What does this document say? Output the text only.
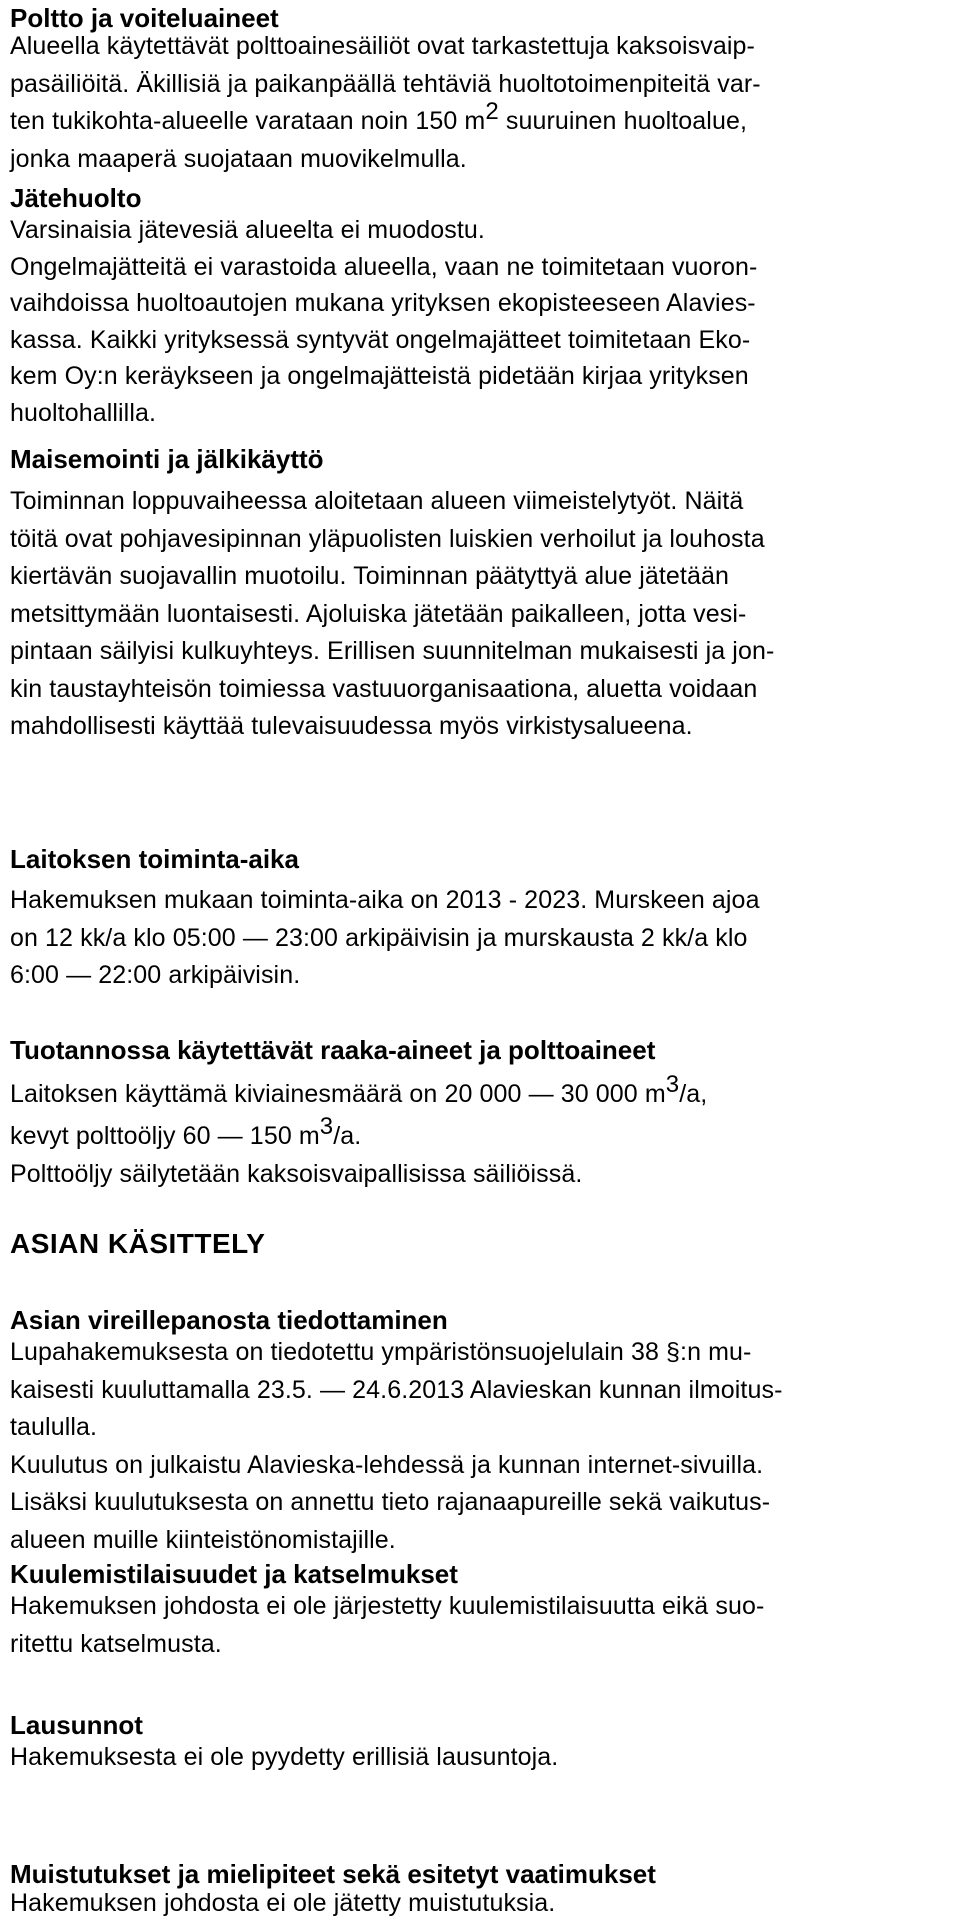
Poltto ja voiteluaineet
Alueella käytettävät polttoainesäiliöt ovat tarkastettuja kaksoisvaip-
pasäiliöitä. Äkillisiä ja paikanpäällä tehtäviä huoltotoimenpiteitä var-
ten tukikohta-alueelle varataan noin 150 $m^2$ suuruinen huoltoalue,
jonka maaperä suojataan muovikelmulla.
Jätehuolto
Varsinaisia jätevesiä alueelta ei muodostu.
Ongelmajätteitä ei varastoida alueella, vaan ne toimitetaan vuoron-
vaihdoissa huoltoautojen mukana yrityksen ekopisteeseen Alavies-
kassa. Kaikki yrityksessä syntyvät ongelmajätteet toimitetaan Eko-
kem Oy:n keräykseen ja ongelmajätteistä pidetään kirjaa yrityksen
huoltohallilla.
Maisemointi ja jälkikäyttö
Toiminnan loppuvaiheessa aloitetaan alueen viimeistelytyöt. Näitä
töitä ovat pohjavesipinnan yläpuolisten luiskien verhoilut ja louhosta
kiertävän suojavallin muotoilu. Toiminnan päätyttyä alue jätetään
metsittymään luontaisesti. Ajoluiska jätetään paikalleen, jotta vesi-
pintaan säilyisi kulkuyhteys. Erillisen suunnitelman mukaisesti ja jon-
kin taustayhteisön toimiessa vastuuorganisaationa, aluetta voidaan
mahdollisesti käyttää tulevaisuudessa myös virkistysalueena.
Laitoksen toiminta-aika
Hakemuksen mukaan toiminta-aika on 2013 - 2023. Murskeen ajoa
on 12 kk/a klo 05:00 — 23:00 arkipäivisin ja murskausta 2 kk/a klo
6:00 — 22:00 arkipäivisin.
Tuotannossa käytettävät raaka-aineet ja polttoaineet
Laitoksen käyttämä kiviainesmäärä on 20 000 — 30 000 $m^3/a$,
kevyt polttoöljy 60 — 150 $m^3/a$.
Polttoöljy säilytetään kaksoisvaipallisissa säiliöissä.
ASIAN KÄSITTELY
Asian vireillepanosta tiedottaminen
Lupahakemuksesta on tiedotettu ympäristönsuojelulain 38 §:n mu-
kaisesti kuuluttamalla 23.5. — 24.6.2013 Alavieskan kunnan ilmoitus-
taululla.
Kuulutus on julkaistu Alavieska-lehdessä ja kunnan internet-sivuilla.
Lisäksi kuulutuksesta on annettu tieto rajanaapureille sekä vaikutus-
alueen muille kiinteistönomistajille.
Kuulemistilaisuudet ja katselmukset
Hakemuksen johdosta ei ole järjestetty kuulemistilaisuutta eikä suo-
ritettu katselmusta.
Lausunnot
Hakemuksesta ei ole pyydetty erillisiä lausuntoja.
Muistutukset ja mielipiteet sekä esitetyt vaatimukset
Hakemuksen johdosta ei ole jätetty muistutuksia.
